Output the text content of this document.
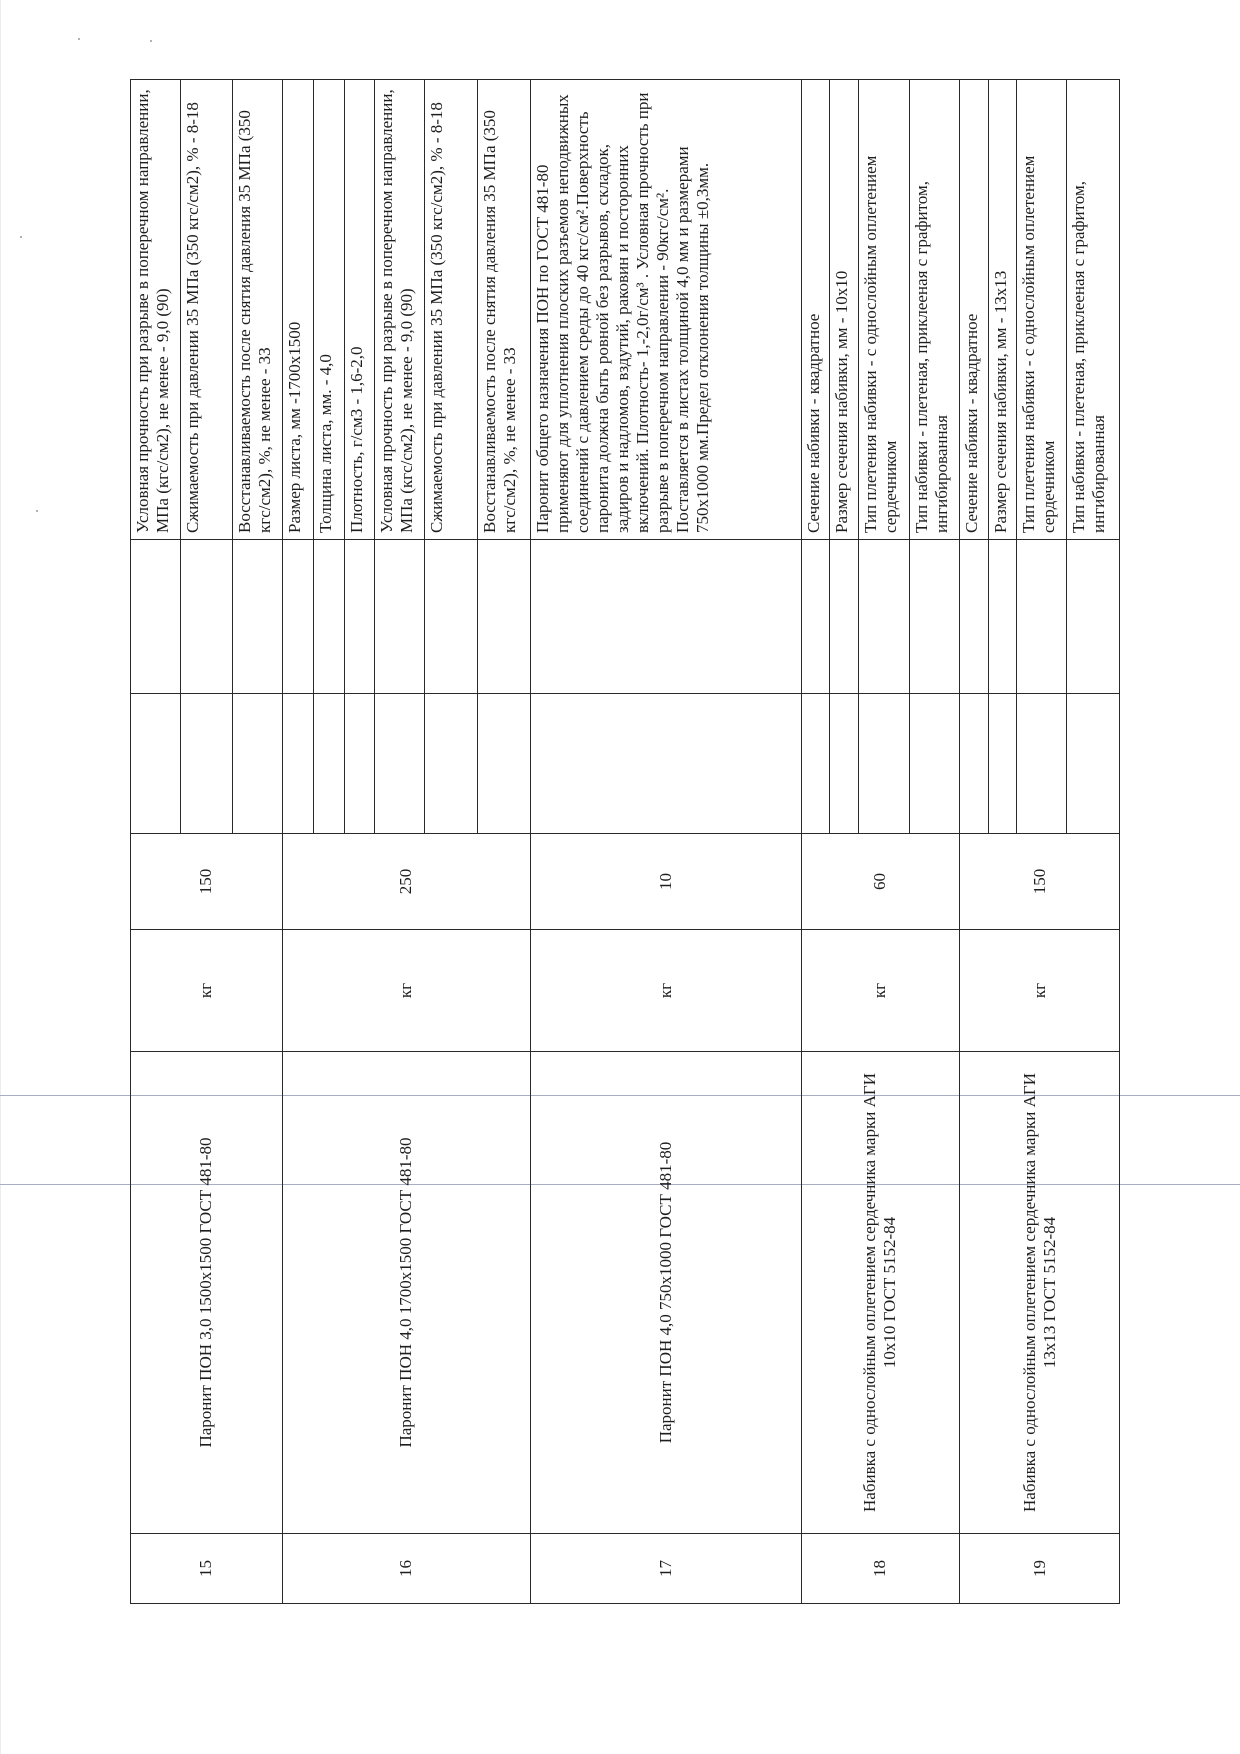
15	Паронит ПОН 3,0 1500x1500 ГОСТ 481-80	кг	150			Условная прочность при разрыве в поперечном направлении, МПа (кгс/см2), не менее - 9,0 (90)
						Сжимаемость при давлении 35 МПа (350 кгс/см2), % - 8-18
						Восстанавливаемость после снятия давления 35 МПа (350 кгс/см2), %, не менее - 33
16	Паронит ПОН 4,0 1700x1500 ГОСТ 481-80	кг	250			Размер листа, мм -1700x1500
						Толщина листа, мм. - 4,0
						Плотность, г/см3 - 1,6-2,0
						Условная прочность при разрыве в поперечном направлении, МПа (кгс/см2), не менее - 9,0 (90)
						Сжимаемость при давлении 35 МПа (350 кгс/см2), % - 8-18
						Восстанавливаемость после снятия давления 35 МПа (350 кгс/см2), %, не менее - 33
17	Паронит ПОН 4,0 750x1000 ГОСТ 481-80	кг	10			Паронит общего назначения ПОН по ГОСТ 481-80 применяют для уплотнения плоских разъемов неподвижных соединений с давлением среды до 40 кгс/см².Поверхность паронита должна быть ровной без разрывов, складок, задиров и надломов, вздутий, раковин и посторонних включений. Плотность- 1,-2,0г/см³ . Условная прочность при разрыве в поперечном направлении - 90кгс/см². Поставляется в листах толщиной 4,0 мм и размерами 750x1000 мм.Предел отклонения толщины ±0,3мм.
18	Набивка с однослойным оплетением сердечника марки АГИ 10х10 ГОСТ 5152-84	кг	60			Сечение набивки - квадратное
						Размер сечения набивки, мм - 10х10
						Тип плетения набивки - с однослойным оплетением сердечником
						Тип набивки - плетеная, приклееная с графитом, ингибированная
19	Набивка с однослойным оплетением сердечника марки АГИ 13х13 ГОСТ 5152-84	кг	150			Сечение набивки - квадратное
						Размер сечения набивки, мм - 13х13
						Тип плетения набивки - с однослойным оплетением сердечником
						Тип набивки - плетеная, приклееная с графитом, ингибированная
